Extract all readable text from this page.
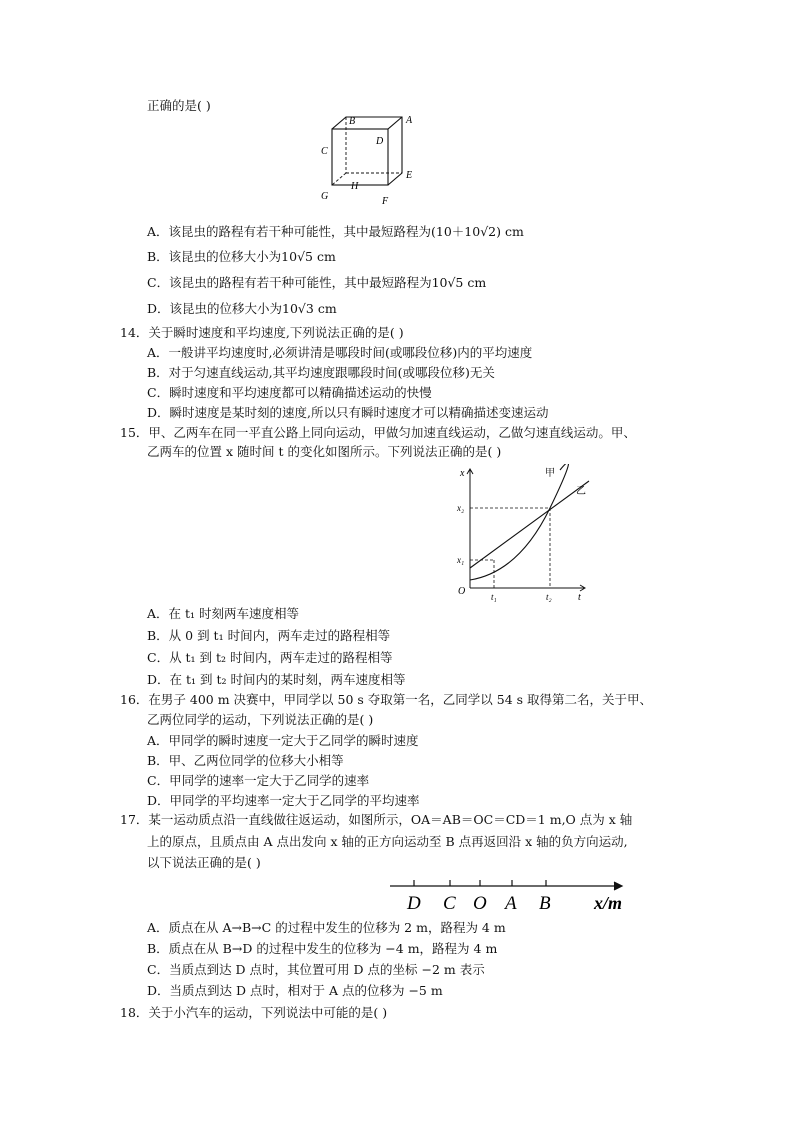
正确的是( )
B	A
C
D
E
H
G	F
A．该昆虫的路程有若干种可能性，其中最短路程为(10＋10√2) cm
B．该昆虫的位移大小为10√5 cm
C．该昆虫的路程有若干种可能性，其中最短路程为10√5 cm
D．该昆虫的位移大小为10√3 cm
14．关于瞬时速度和平均速度,下列说法正确的是( )
A．一般讲平均速度时,必须讲清是哪段时间(或哪段位移)内的平均速度
B．对于匀速直线运动,其平均速度跟哪段时间(或哪段位移)无关
C．瞬时速度和平均速度都可以精确描述运动的快慢
D．瞬时速度是某时刻的速度,所以只有瞬时速度才可以精确描述变速运动
15．甲、乙两车在同一平直公路上同向运动，甲做匀加速直线运动，乙做匀速直线运动。甲、
乙两车的位置 x 随时间 t 的变化如图所示。下列说法正确的是( )
x
t
O
x₁
x₂
t₁	t₂
甲
乙
A．在 t₁ 时刻两车速度相等
B．从 0 到 t₁ 时间内，两车走过的路程相等
C．从 t₁ 到 t₂ 时间内，两车走过的路程相等
D．在 t₁ 到 t₂ 时间内的某时刻，两车速度相等
16．在男子 400 m 决赛中，甲同学以 50 s 夺取第一名，乙同学以 54 s 取得第二名，关于甲、
乙两位同学的运动，下列说法正确的是( )
A．甲同学的瞬时速度一定大于乙同学的瞬时速度
B．甲、乙两位同学的位移大小相等
C．甲同学的速率一定大于乙同学的速率
D．甲同学的平均速率一定大于乙同学的平均速率
17．某一运动质点沿一直线做往返运动，如图所示，OA＝AB＝OC＝CD＝1 m,O 点为 x 轴
上的原点，且质点由 A 点出发向 x 轴的正方向运动至 B 点再返回沿 x 轴的负方向运动,
以下说法正确的是( )
D C O A B x/m
A．质点在从 A→B→C 的过程中发生的位移为 2 m，路程为 4 m
B．质点在从 B→D 的过程中发生的位移为 −4 m，路程为 4 m
C．当质点到达 D 点时，其位置可用 D 点的坐标 −2 m 表示
D．当质点到达 D 点时，相对于 A 点的位移为 −5 m
18．关于小汽车的运动，下列说法中可能的是( )
